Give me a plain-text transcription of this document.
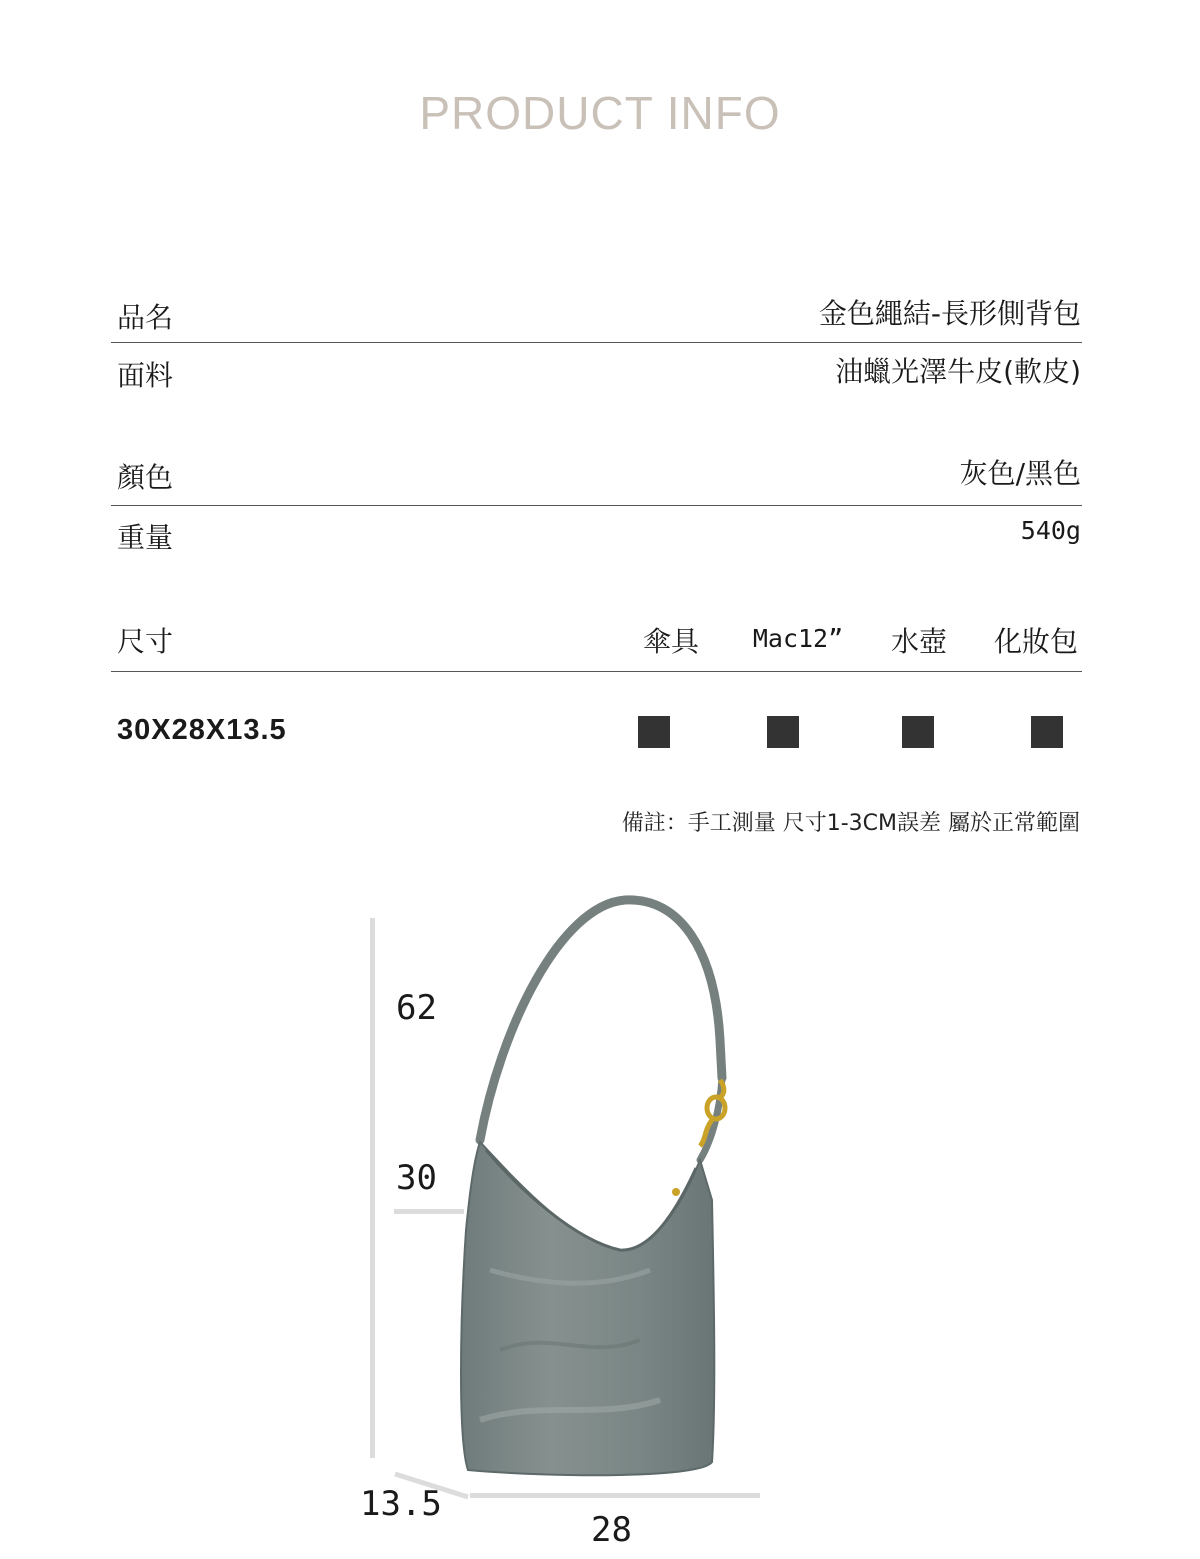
PRODUCT INFO
品名	金色繩結-長形側背包
面料	油蠟光澤牛皮(軟皮)
顏色	灰色/黑色
重量	540g
尺寸	傘具 Mac12” 水壺 化妝包
30X28X13.5
備註：手工測量 尺寸1-3CM誤差 屬於正常範圍
62
30
13.5
28
